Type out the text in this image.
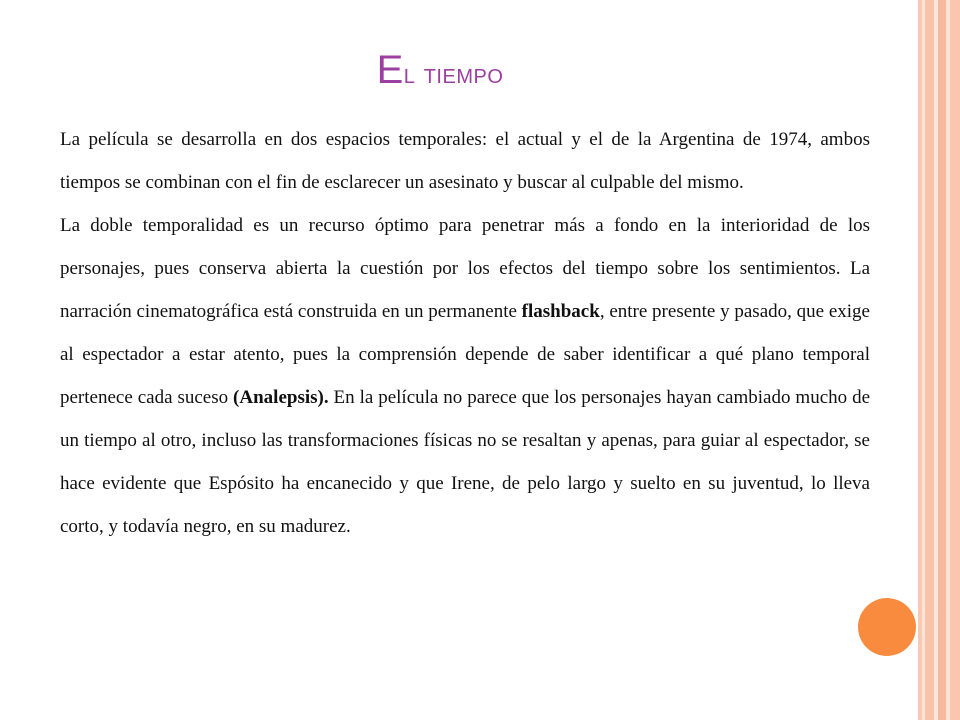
El tiempo

La película se desarrolla en dos espacios temporales: el actual y el de la Argentina de 1974, ambos tiempos se combinan con el fin de esclarecer un asesinato y buscar al culpable del mismo.

La doble temporalidad es un recurso óptimo para penetrar más a fondo en la interioridad de los personajes, pues conserva abierta la cuestión por los efectos del tiempo sobre los sentimientos. La narración cinematográfica está construida en un permanente flashback, entre presente y pasado, que exige al espectador a estar atento, pues la comprensión depende de saber identificar a qué plano temporal pertenece cada suceso (Analepsis). En la película no parece que los personajes hayan cambiado mucho de un tiempo al otro, incluso las transformaciones físicas no se resaltan y apenas, para guiar al espectador, se hace evidente que Espósito ha encanecido y que Irene, de pelo largo y suelto en su juventud, lo lleva corto, y todavía negro, en su madurez.
